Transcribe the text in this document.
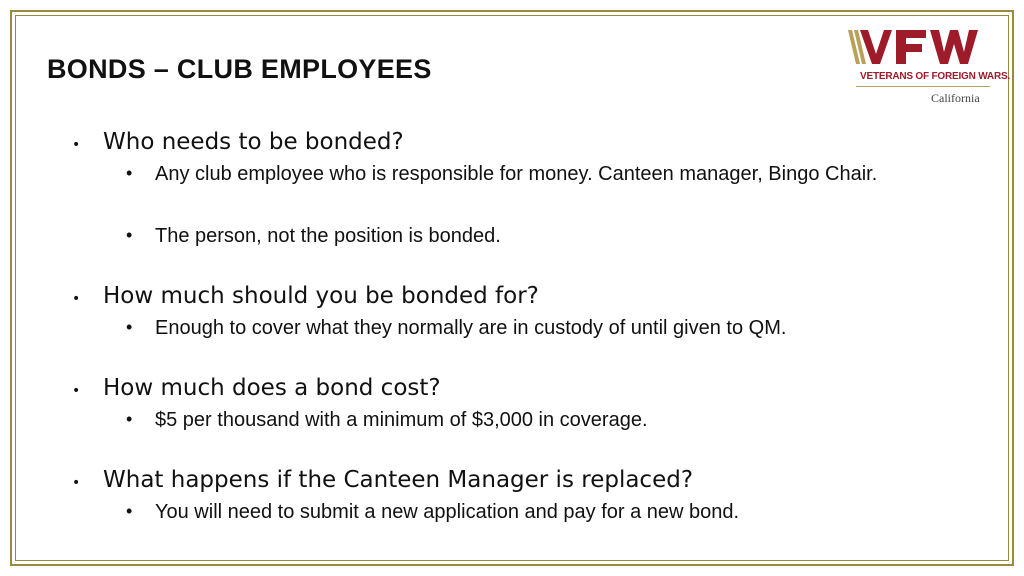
BONDS – CLUB EMPLOYEES	VETERANS OF FOREIGN WARS.
California
• Who needs to be bonded?
• Any club employee who is responsible for money. Canteen manager, Bingo Chair.
• The person, not the position is bonded.
• How much should you be bonded for?
• Enough to cover what they normally are in custody of until given to QM.
• How much does a bond cost?
• $5 per thousand with a minimum of $3,000 in coverage.
• What happens if the Canteen Manager is replaced?
• You will need to submit a new application and pay for a new bond.
